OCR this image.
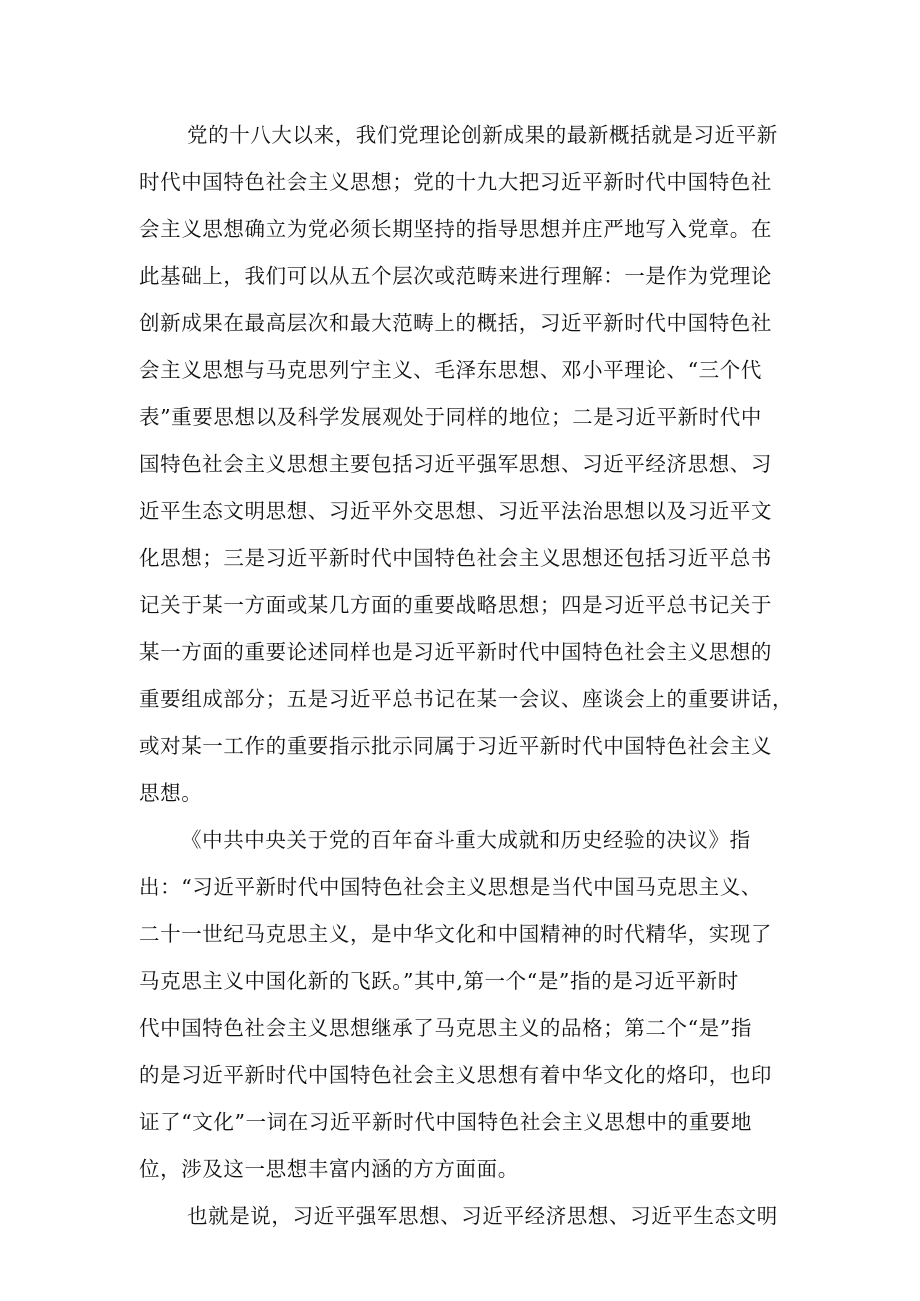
党的十八大以来，我们党理论创新成果的最新概括就是习近平新
时代中国特色社会主义思想；党的十九大把习近平新时代中国特色社
会主义思想确立为党必须长期坚持的指导思想并庄严地写入党章。在
此基础上，我们可以从五个层次或范畴来进行理解：一是作为党理论
创新成果在最高层次和最大范畴上的概括，习近平新时代中国特色社
会主义思想与马克思列宁主义、毛泽东思想、邓小平理论、“三个代
表”重要思想以及科学发展观处于同样的地位；二是习近平新时代中
国特色社会主义思想主要包括习近平强军思想、习近平经济思想、习
近平生态文明思想、习近平外交思想、习近平法治思想以及习近平文
化思想；三是习近平新时代中国特色社会主义思想还包括习近平总书
记关于某一方面或某几方面的重要战略思想；四是习近平总书记关于
某一方面的重要论述同样也是习近平新时代中国特色社会主义思想的
重要组成部分；五是习近平总书记在某一会议、座谈会上的重要讲话，
或对某一工作的重要指示批示同属于习近平新时代中国特色社会主义
思想。
《中共中央关于党的百年奋斗重大成就和历史经验的决议》指
出：“习近平新时代中国特色社会主义思想是当代中国马克思主义、
二十一世纪马克思主义，是中华文化和中国精神的时代精华，实现了
马克思主义中国化新的飞跃。”其中,第一个“是”指的是习近平新时
代中国特色社会主义思想继承了马克思主义的品格；第二个“是”指
的是习近平新时代中国特色社会主义思想有着中华文化的烙印，也印
证了“文化”一词在习近平新时代中国特色社会主义思想中的重要地
位，涉及这一思想丰富内涵的方方面面。
也就是说，习近平强军思想、习近平经济思想、习近平生态文明
